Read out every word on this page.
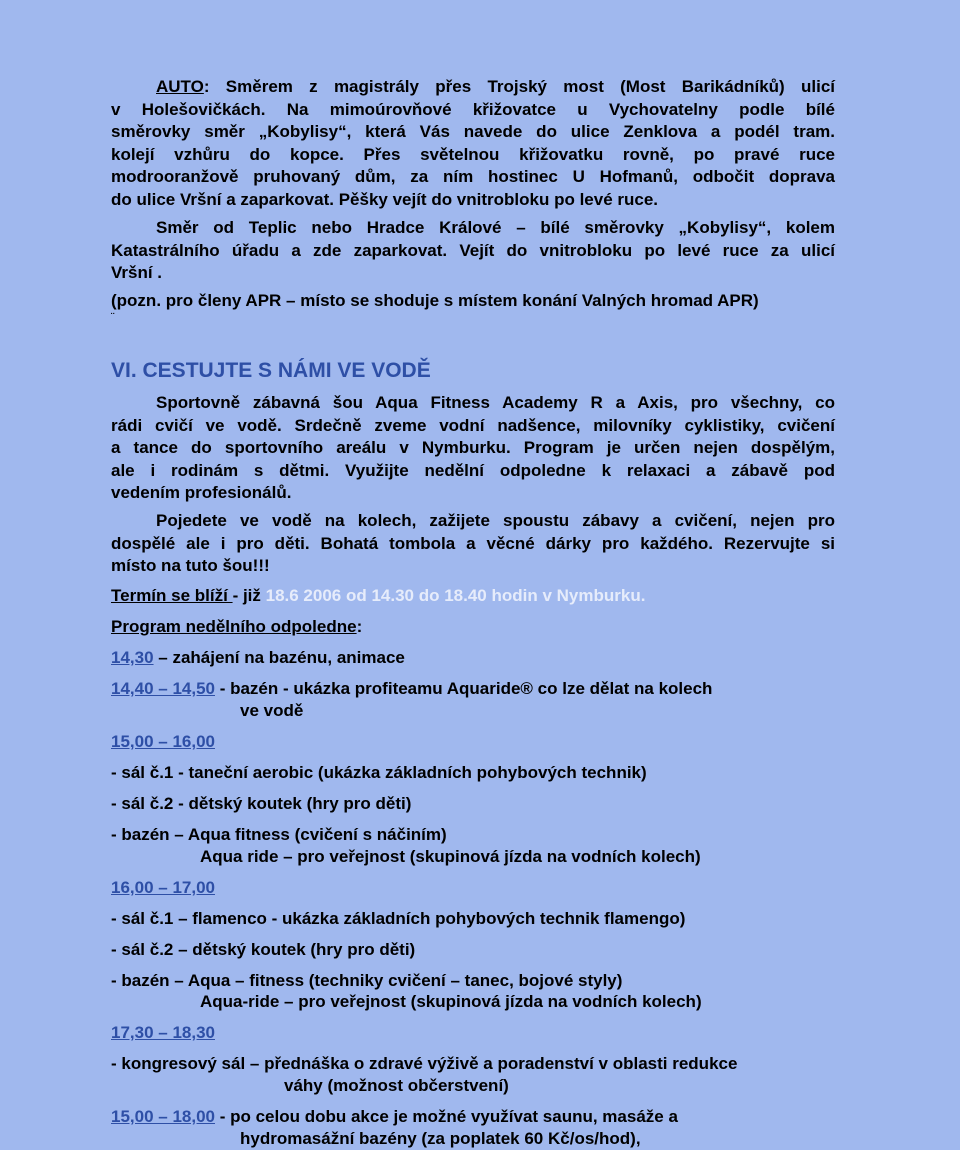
AUTO: Směrem z magistrály přes Trojský most (Most Barikádníků) ulicí
v Holešovičkách. Na mimoúrovňové křižovatce u Vychovatelny podle bílé
směrovky směr „Kobylisy“, která Vás navede do ulice Zenklova a podél tram.
kolejí vzhůru do kopce. Přes světelnou křižovatku rovně, po pravé ruce
modrooranžově pruhovaný dům, za ním hostinec U Hofmanů, odbočit doprava
do ulice Vršní a zaparkovat. Pěšky vejít do vnitrobloku po levé ruce.
Směr od Teplic nebo Hradce Králové – bílé směrovky „Kobylisy“, kolem
Katastrálního úřadu a zde zaparkovat. Vejít do vnitrobloku po levé ruce za ulicí
Vršní .
(pozn. pro členy APR – místo se shoduje s místem konání Valných hromad APR)
¨
VI. CESTUJTE S NÁMI VE VODĚ
Sportovně zábavná šou Aqua Fitness Academy R a Axis, pro všechny, co
rádi cvičí ve vodě. Srdečně zveme vodní nadšence, milovníky cyklistiky, cvičení
a tance do sportovního areálu v Nymburku. Program je určen nejen dospělým,
ale i rodinám s dětmi. Využijte nedělní odpoledne k relaxaci a zábavě pod
vedením profesionálů.
Pojedete ve vodě na kolech, zažijete spoustu zábavy a cvičení, nejen pro
dospělé ale i pro děti. Bohatá tombola a věcné dárky pro každého. Rezervujte si
místo na tuto šou!!!
Termín se blíží - již 18.6 2006 od 14.30 do 18.40 hodin v Nymburku.
Program nedělního odpoledne:
14,30 – zahájení na bazénu, animace
14,40 – 14,50 - bazén - ukázka profiteamu Aquaride® co lze dělat na kolech
ve vodě
15,00 – 16,00
- sál č.1 - taneční aerobic (ukázka základních pohybových technik)
- sál č.2 - dětský koutek (hry pro děti)
- bazén – Aqua fitness (cvičení s náčiním)
Aqua ride – pro veřejnost (skupinová jízda na vodních kolech)
16,00 – 17,00
- sál č.1 – flamenco - ukázka základních pohybových technik flamengo)
- sál č.2 – dětský koutek (hry pro děti)
- bazén – Aqua – fitness (techniky cvičení – tanec, bojové styly)
Aqua-ride – pro veřejnost (skupinová jízda na vodních kolech)
17,30 – 18,30
- kongresový sál – přednáška o zdravé výživě a poradenství v oblasti redukce
váhy (možnost občerstvení)
15,00 – 18,00 - po celou dobu akce je možné využívat saunu, masáže a
hydromasážní bazény (za poplatek 60 Kč/os/hod),
